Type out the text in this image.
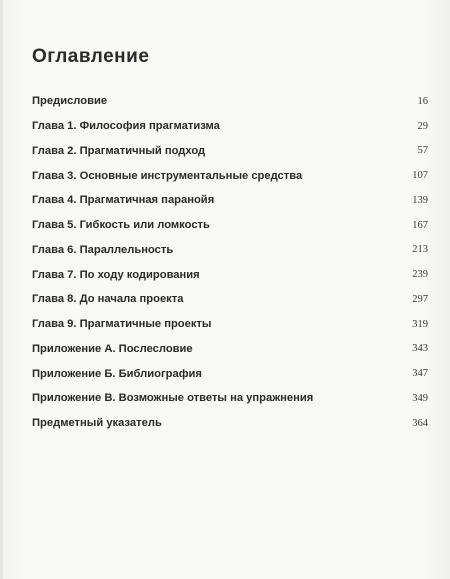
Оглавление
Предисловие	16
Глава 1. Философия прагматизма	29
Глава 2. Прагматичный подход	57
Глава 3. Основные инструментальные средства	107
Глава 4. Прагматичная паранойя	139
Глава 5. Гибкость или ломкость	167
Глава 6. Параллельность	213
Глава 7. По ходу кодирования	239
Глава 8. До начала проекта	297
Глава 9. Прагматичные проекты	319
Приложение А. Послесловие	343
Приложение Б. Библиография	347
Приложение В. Возможные ответы на упражнения	349
Предметный указатель	364
